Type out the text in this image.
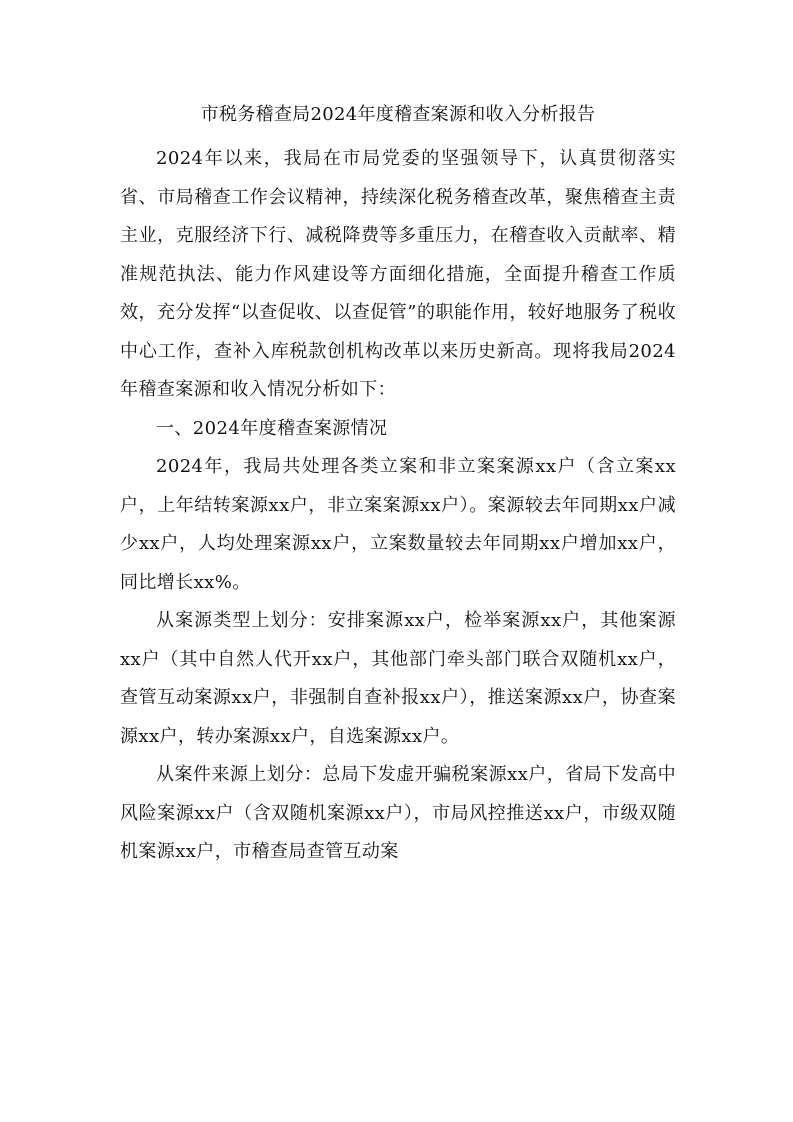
市税务稽查局2024年度稽查案源和收入分析报告

2024年以来，我局在市局党委的坚强领导下，认真贯彻落实省、市局稽查工作会议精神，持续深化税务稽查改革，聚焦稽查主责主业，克服经济下行、减税降费等多重压力，在稽查收入贡献率、精准规范执法、能力作风建设等方面细化措施，全面提升稽查工作质效，充分发挥“以查促收、以查促管”的职能作用，较好地服务了税收中心工作，查补入库税款创机构改革以来历史新高。现将我局2024年稽查案源和收入情况分析如下：

一、2024年度稽查案源情况

2024年，我局共处理各类立案和非立案案源xx户（含立案xx户，上年结转案源xx户，非立案案源xx户）。案源较去年同期xx户减少xx户，人均处理案源xx户，立案数量较去年同期xx户增加xx户，同比增长xx%。

从案源类型上划分：安排案源xx户，检举案源xx户，其他案源xx户（其中自然人代开xx户，其他部门牵头部门联合双随机xx户，查管互动案源xx户，非强制自查补报xx户），推送案源xx户，协查案源xx户，转办案源xx户，自选案源xx户。

从案件来源上划分：总局下发虚开骗税案源xx户，省局下发高中风险案源xx户（含双随机案源xx户），市局风控推送xx户，市级双随机案源xx户，市稽查局查管互动案
